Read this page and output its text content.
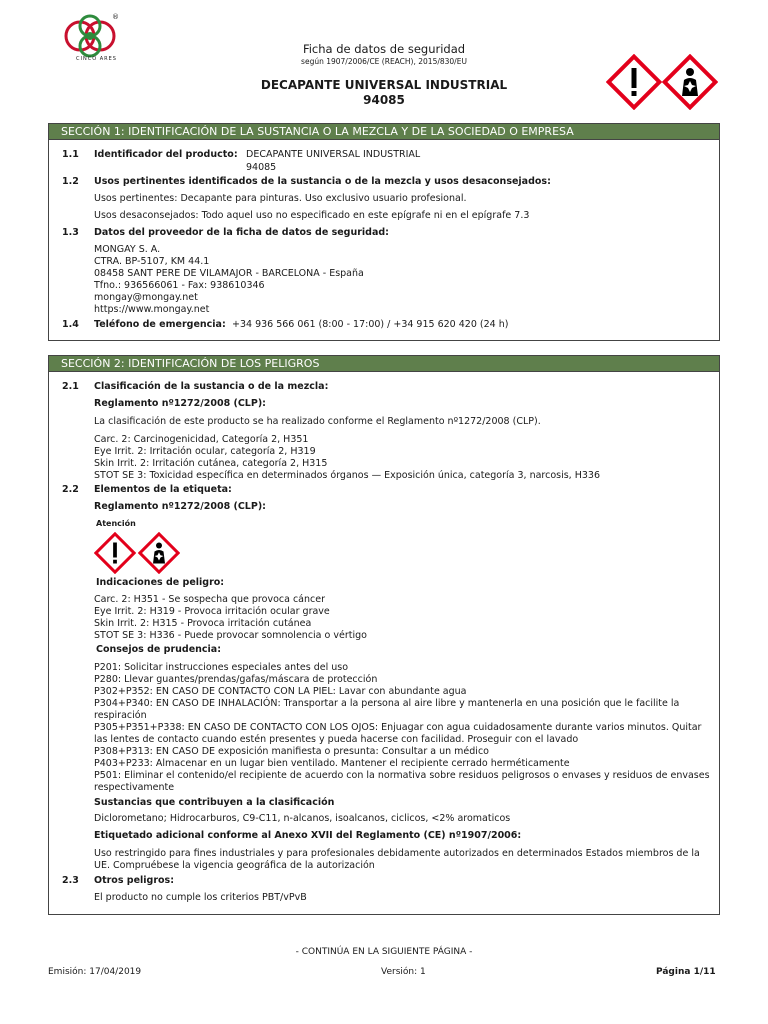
®
CINCO ARES
Ficha de datos de seguridad
según 1907/2006/CE (REACH), 2015/830/EU
DECAPANTE UNIVERSAL INDUSTRIAL
94085
SECCIÓN 1: IDENTIFICACIÓN DE LA SUSTANCIA O LA MEZCLA Y DE LA SOCIEDAD O EMPRESA
1.1 Identificador del producto: DECAPANTE UNIVERSAL INDUSTRIAL
94085
1.2 Usos pertinentes identificados de la sustancia o de la mezcla y usos desaconsejados:
Usos pertinentes: Decapante para pinturas. Uso exclusivo usuario profesional.
Usos desaconsejados: Todo aquel uso no especificado en este epígrafe ni en el epígrafe 7.3
1.3 Datos del proveedor de la ficha de datos de seguridad:
MONGAY S. A.
CTRA. BP-5107, KM 44.1
08458 SANT PERE DE VILAMAJOR - BARCELONA - España
Tfno.: 936566061 - Fax: 938610346
mongay@mongay.net
https://www.mongay.net
1.4 Teléfono de emergencia: +34 936 566 061 (8:00 - 17:00) / +34 915 620 420 (24 h)
SECCIÓN 2: IDENTIFICACIÓN DE LOS PELIGROS
2.1 Clasificación de la sustancia o de la mezcla:
Reglamento nº1272/2008 (CLP):
La clasificación de este producto se ha realizado conforme el Reglamento nº1272/2008 (CLP).
Carc. 2: Carcinogenicidad, Categoría 2, H351
Eye Irrit. 2: Irritación ocular, categoría 2, H319
Skin Irrit. 2: Irritación cutánea, categoría 2, H315
STOT SE 3: Toxicidad específica en determinados órganos — Exposición única, categoría 3, narcosis, H336
2.2 Elementos de la etiqueta:
Reglamento nº1272/2008 (CLP):
Atención
Indicaciones de peligro:
Carc. 2: H351 - Se sospecha que provoca cáncer
Eye Irrit. 2: H319 - Provoca irritación ocular grave
Skin Irrit. 2: H315 - Provoca irritación cutánea
STOT SE 3: H336 - Puede provocar somnolencia o vértigo
Consejos de prudencia:
P201: Solicitar instrucciones especiales antes del uso
P280: Llevar guantes/prendas/gafas/máscara de protección
P302+P352: EN CASO DE CONTACTO CON LA PIEL: Lavar con abundante agua
P304+P340: EN CASO DE INHALACIÓN: Transportar a la persona al aire libre y mantenerla en una posición que le facilite la
respiración
P305+P351+P338: EN CASO DE CONTACTO CON LOS OJOS: Enjuagar con agua cuidadosamente durante varios minutos. Quitar
las lentes de contacto cuando estén presentes y pueda hacerse con facilidad. Proseguir con el lavado
P308+P313: EN CASO DE exposición manifiesta o presunta: Consultar a un médico
P403+P233: Almacenar en un lugar bien ventilado. Mantener el recipiente cerrado herméticamente
P501: Eliminar el contenido/el recipiente de acuerdo con la normativa sobre residuos peligrosos o envases y residuos de envases
respectivamente
Sustancias que contribuyen a la clasificación
Diclorometano; Hidrocarburos, C9-C11, n-alcanos, isoalcanos, ciclicos, <2% aromaticos
Etiquetado adicional conforme al Anexo XVII del Reglamento (CE) nº1907/2006:
Uso restringido para fines industriales y para profesionales debidamente autorizados en determinados Estados miembros de la
UE. Compruébese la vigencia geográfica de la autorización
2.3 Otros peligros:
El producto no cumple los criterios PBT/vPvB
- CONTINÚA EN LA SIGUIENTE PÁGINA -
Emisión: 17/04/2019	Versión: 1	Página 1/11
